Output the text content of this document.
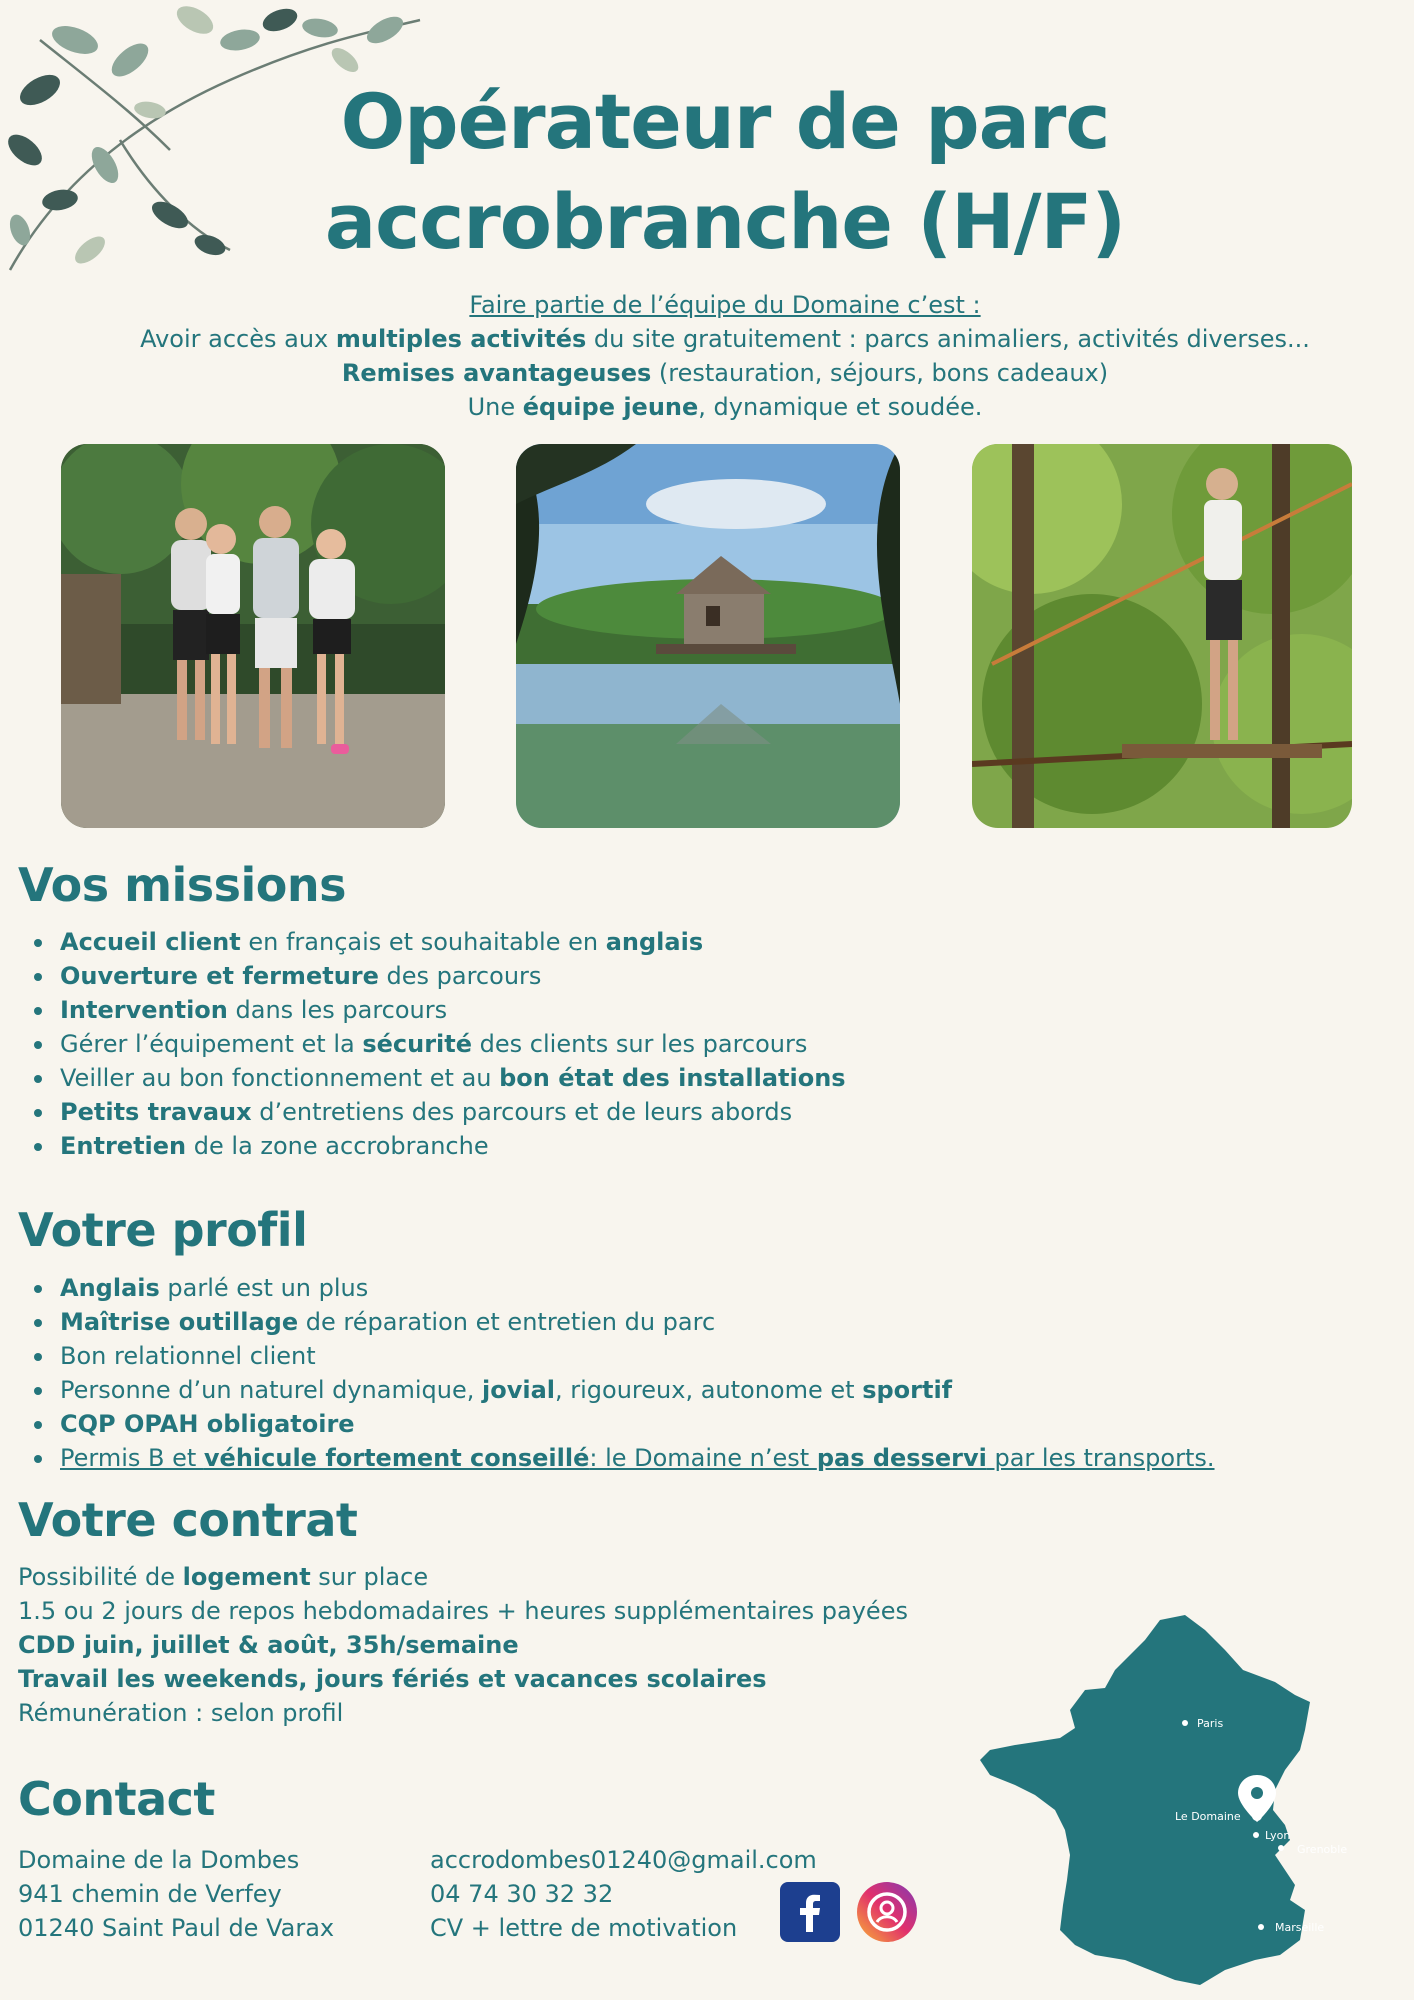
Opérateur de parc accrobranche (H/F)
Faire partie de l’équipe du Domaine c’est :
Avoir accès aux multiples activités du site gratuitement : parcs animaliers, activités diverses...
Remises avantageuses (restauration, séjours, bons cadeaux)
Une équipe jeune, dynamique et soudée.
Vos missions
Accueil client en français et souhaitable en anglais
Ouverture et fermeture des parcours
Intervention dans les parcours
Gérer l’équipement et la sécurité des clients sur les parcours
Veiller au bon fonctionnement et au bon état des installations
Petits travaux d’entretiens des parcours et de leurs abords
Entretien de la zone accrobranche
Votre profil
Anglais parlé est un plus
Maîtrise outillage de réparation et entretien du parc
Bon relationnel client
Personne d’un naturel dynamique, jovial, rigoureux, autonome et sportif
CQP OPAH obligatoire
Permis B et véhicule fortement conseillé: le Domaine n’est pas desservi par les transports.
Votre contrat
Possibilité de logement sur place
1.5 ou 2 jours de repos hebdomadaires + heures supplémentaires payées
CDD juin, juillet & août, 35h/semaine
Travail les weekends, jours fériés et vacances scolaires
Rémunération : selon profil
Contact
Domaine de la Dombes
941 chemin de Verfey
01240 Saint Paul de Varax
accrodombes01240@gmail.com
04 74 30 32 32
CV + lettre de motivation
Paris
Le Domaine
Lyon
Grenoble
Marseille
